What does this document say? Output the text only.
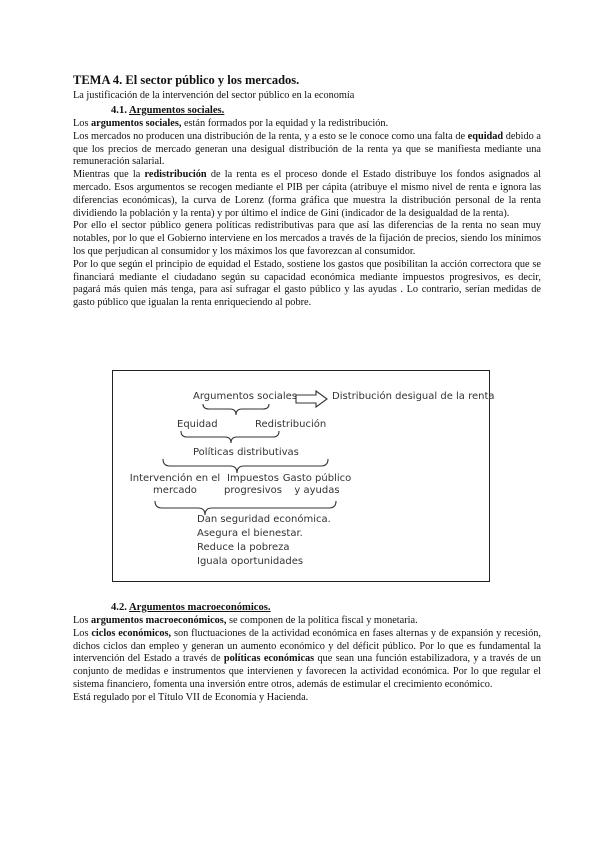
TEMA 4. El sector público y los mercados.
La justificación de la intervención del sector público en la economía
4.1. Argumentos sociales.

Los argumentos sociales, están formados por la equidad y la redistribución.

Los mercados no producen una distribución de la renta, y a esto se le conoce como una falta de equidad debido a que los precios de mercado generan una desigual distribución de la renta ya que se manifiesta mediante una remuneración salarial.

Mientras que la redistribución de la renta es el proceso donde el Estado distribuye los fondos asignados al mercado. Esos argumentos se recogen mediante el PIB per cápita (atribuye el mismo nivel de renta e ignora las diferencias económicas), la curva de Lorenz (forma gráfica que muestra la distribución personal de la renta dividiendo la población y la renta) y por último el índice de Gini (indicador de la desigualdad de la renta).

Por ello el sector público genera políticas redistributivas para que así las diferencias de la renta no sean muy notables, por lo que el Gobierno interviene en los mercados a través de la fijación de precios, siendo los mínimos los que perjudican al consumidor y los máximos los que favorezcan al consumidor.

Por lo que según el principio de equidad el Estado, sostiene los gastos que posibilitan la acción correctora que se financiará mediante el ciudadano según su capacidad económica mediante impuestos progresivos, es decir, pagará más quien más tenga, para así sufragar el gasto público y las ayudas . Lo contrario, serían medidas de gasto público que igualan la renta enriqueciendo al pobre.

Argumentos sociales	Distribución desigual de la renta
Equidad	Redistribución
Políticas distributivas
Intervención en el
mercado
Impuestos
progresivos
Gasto público
y ayudas
Dan seguridad económica.
Asegura el bienestar.
Reduce la pobreza
Iguala oportunidades
4.2. Argumentos macroeconómicos.

Los argumentos macroeconómicos, se componen de la política fiscal y monetaria.

Los ciclos económicos, son fluctuaciones de la actividad económica en fases alternas y de expansión y recesión, dichos ciclos dan empleo y generan un aumento económico y del déficit público. Por lo que es fundamental la intervención del Estado a través de políticas económicas que sean una función estabilizadora, y a través de un conjunto de medidas e instrumentos que intervienen y favorecen la actividad económica. Por lo que regular el sistema financiero, fomenta una inversión entre otros, además de estimular el crecimiento económico.

Está regulado por el Título VII de Economía y Hacienda.
